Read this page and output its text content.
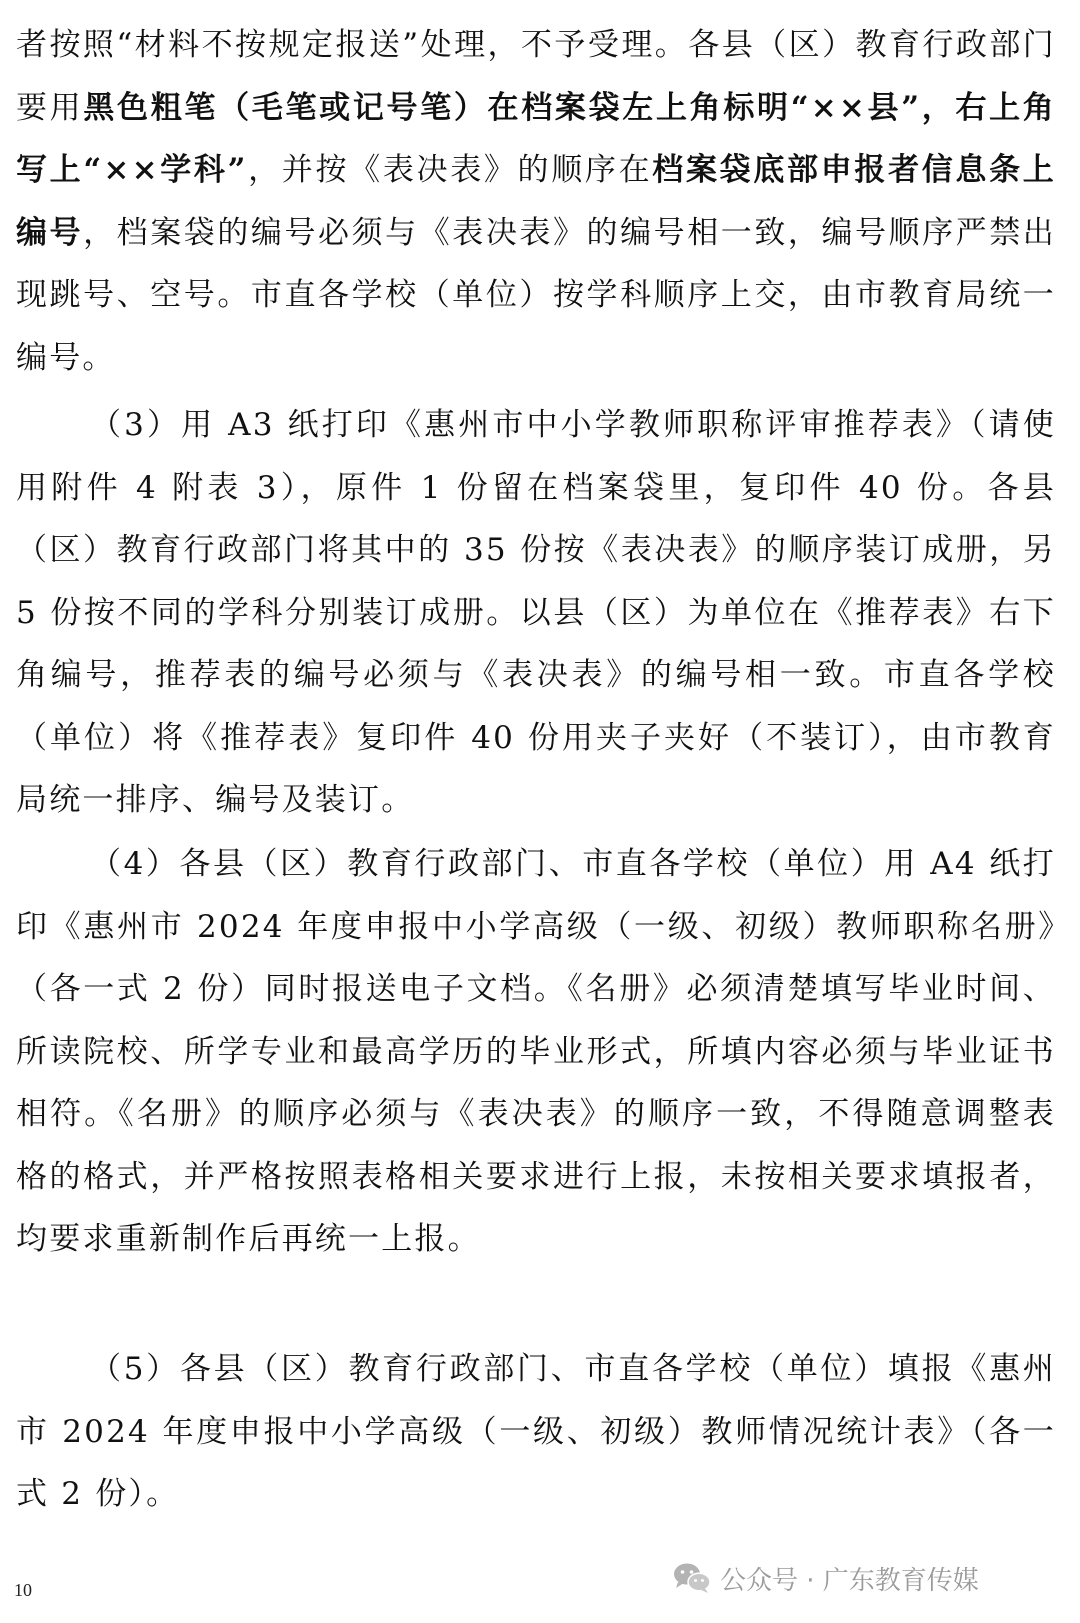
者按照“材料不按规定报送”处理，不予受理。各县（区）教育行政部门要用黑色粗笔（毛笔或记号笔）在档案袋左上角标明“××县”，右上角写上“××学科”，并按《表决表》的顺序在档案袋底部申报者信息条上编号，档案袋的编号必须与《表决表》的编号相一致，编号顺序严禁出现跳号、空号。市直各学校（单位）按学科顺序上交，由市教育局统一编号。

（3）用 A3 纸打印《惠州市中小学教师职称评审推荐表》（请使用附件 4 附表 3），原件 1 份留在档案袋里，复印件 40 份。各县（区）教育行政部门将其中的 35 份按《表决表》的顺序装订成册，另 5 份按不同的学科分别装订成册。以县（区）为单位在《推荐表》右下角编号，推荐表的编号必须与《表决表》的编号相一致。市直各学校（单位）将《推荐表》复印件 40 份用夹子夹好（不装订），由市教育局统一排序、编号及装订。

（4）各县（区）教育行政部门、市直各学校（单位）用 A4 纸打印《惠州市 2024 年度申报中小学高级（一级、初级）教师职称名册》（各一式 2 份）同时报送电子文档。《名册》必须清楚填写毕业时间、所读院校、所学专业和最高学历的毕业形式，所填内容必须与毕业证书相符。《名册》的顺序必须与《表决表》的顺序一致，不得随意调整表格的格式，并严格按照表格相关要求进行上报，未按相关要求填报者，均要求重新制作后再统一上报。

（5）各县（区）教育行政部门、市直各学校（单位）填报《惠州市 2024 年度申报中小学高级（一级、初级）教师情况统计表》（各一式 2 份）。

10	公众号 · 广东教育传媒
